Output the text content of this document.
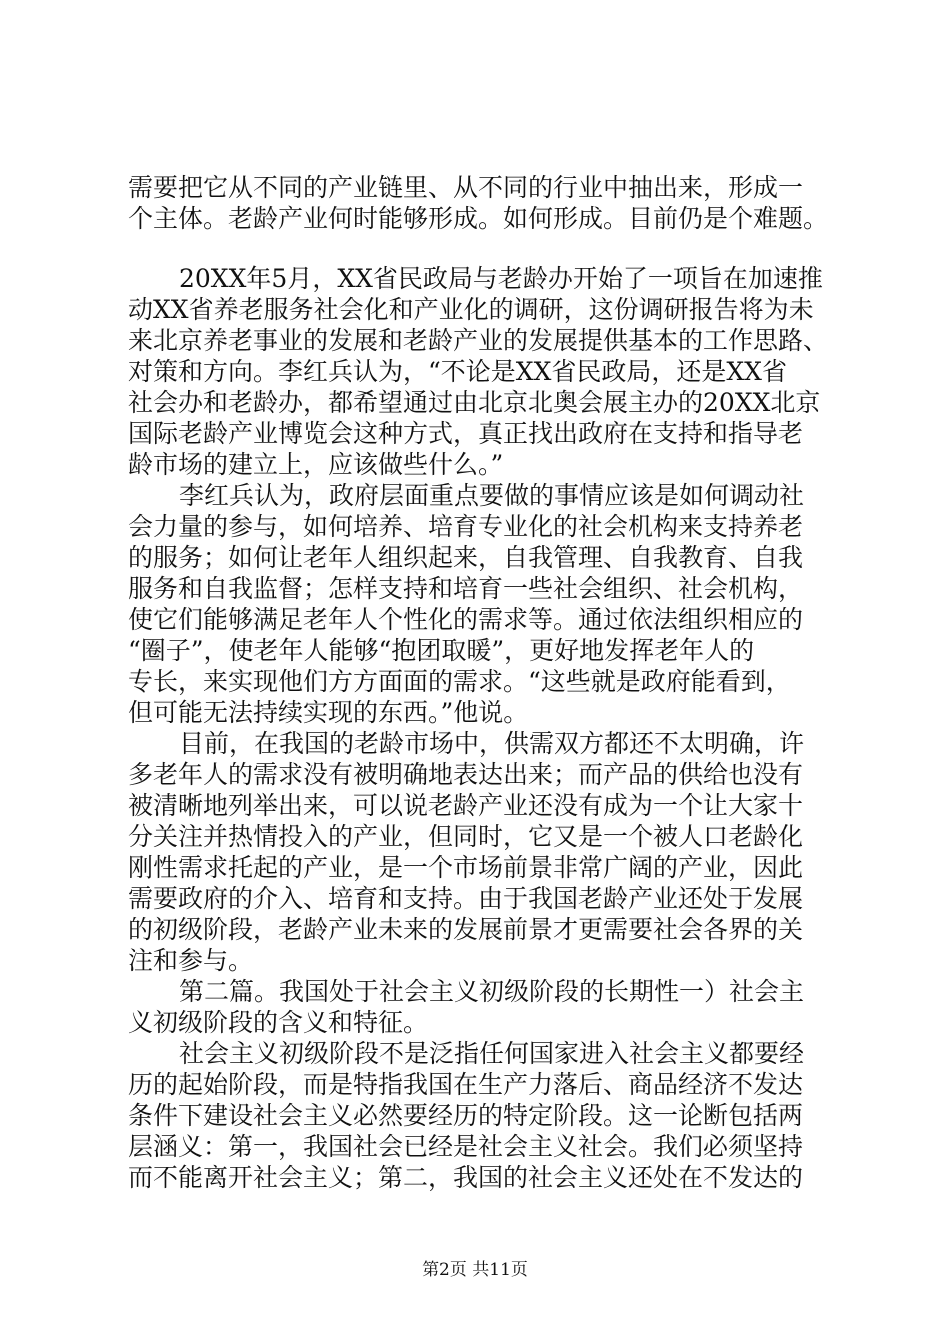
需要把它从不同的产业链里、从不同的行业中抽出来，形成一
个主体。老龄产业何时能够形成。如何形成。目前仍是个难题。
20XX年5月，XX省民政局与老龄办开始了一项旨在加速推
动XX省养老服务社会化和产业化的调研，这份调研报告将为未
来北京养老事业的发展和老龄产业的发展提供基本的工作思路、
对策和方向。李红兵认为，“不论是XX省民政局，还是XX省
社会办和老龄办，都希望通过由北京北奥会展主办的20XX北京
国际老龄产业博览会这种方式，真正找出政府在支持和指导老
龄市场的建立上，应该做些什么。”
李红兵认为，政府层面重点要做的事情应该是如何调动社
会力量的参与，如何培养、培育专业化的社会机构来支持养老
的服务；如何让老年人组织起来，自我管理、自我教育、自我
服务和自我监督；怎样支持和培育一些社会组织、社会机构，
使它们能够满足老年人个性化的需求等。通过依法组织相应的
“圈子”，使老年人能够“抱团取暖”，更好地发挥老年人的
专长，来实现他们方方面面的需求。“这些就是政府能看到，
但可能无法持续实现的东西。”他说。
目前，在我国的老龄市场中，供需双方都还不太明确，许
多老年人的需求没有被明确地表达出来；而产品的供给也没有
被清晰地列举出来，可以说老龄产业还没有成为一个让大家十
分关注并热情投入的产业，但同时，它又是一个被人口老龄化
刚性需求托起的产业，是一个市场前景非常广阔的产业，因此
需要政府的介入、培育和支持。由于我国老龄产业还处于发展
的初级阶段，老龄产业未来的发展前景才更需要社会各界的关
注和参与。
第二篇。我国处于社会主义初级阶段的长期性一）社会主
义初级阶段的含义和特征。
社会主义初级阶段不是泛指任何国家进入社会主义都要经
历的起始阶段，而是特指我国在生产力落后、商品经济不发达
条件下建设社会主义必然要经历的特定阶段。这一论断包括两
层涵义：第一，我国社会已经是社会主义社会。我们必须坚持
而不能离开社会主义；第二，我国的社会主义还处在不发达的
第2页 共11页
